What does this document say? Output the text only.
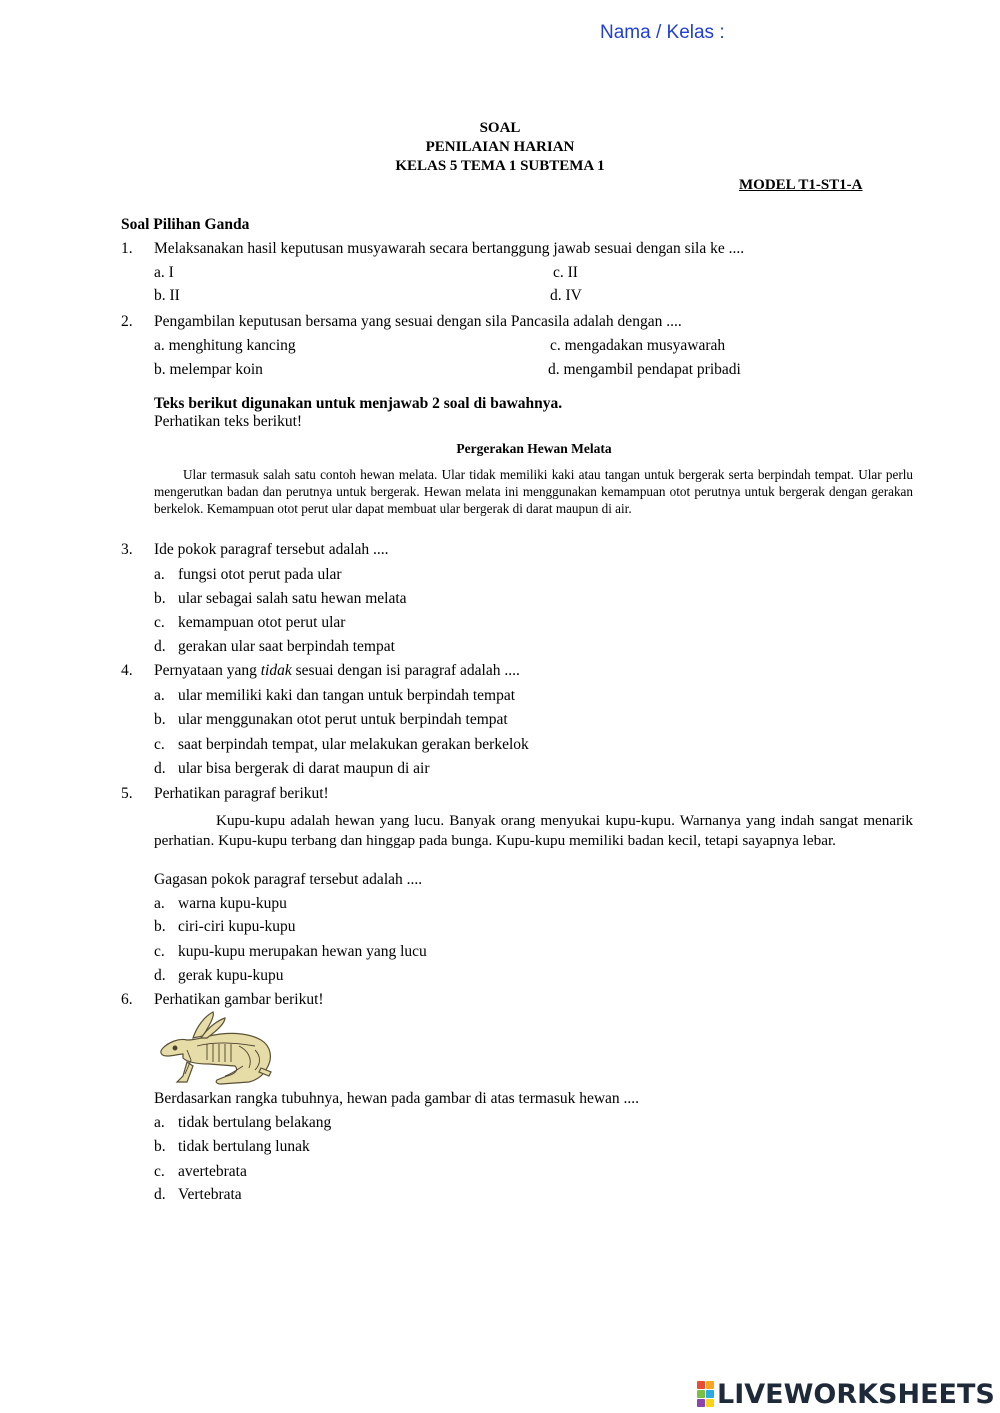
Nama / Kelas :
SOAL
PENILAIAN HARIAN
KELAS 5 TEMA 1 SUBTEMA 1
MODEL T1-ST1-A
Soal Pilihan Ganda
1. Melaksanakan hasil keputusan musyawarah secara bertanggung jawab sesuai dengan sila ke ....
a. I	c. II
b. II	d. IV
2. Pengambilan keputusan bersama yang sesuai dengan sila Pancasila adalah dengan ....
a. menghitung kancing	c. mengadakan musyawarah
b. melempar koin	d. mengambil pendapat pribadi
Teks berikut digunakan untuk menjawab 2 soal di bawahnya.
Perhatikan teks berikut!
Pergerakan Hewan Melata
Ular termasuk salah satu contoh hewan melata. Ular tidak memiliki kaki atau tangan untuk bergerak serta berpindah tempat. Ular perlu mengerutkan badan dan perutnya untuk bergerak. Hewan melata ini menggunakan kemampuan otot perutnya untuk bergerak dengan gerakan berkelok. Kemampuan otot perut ular dapat membuat ular bergerak di darat maupun di air.
3. Ide pokok paragraf tersebut adalah ....
a. fungsi otot perut pada ular
b. ular sebagai salah satu hewan melata
c. kemampuan otot perut ular
d. gerakan ular saat berpindah tempat
4. Pernyataan yang tidak sesuai dengan isi paragraf adalah ....
a. ular memiliki kaki dan tangan untuk berpindah tempat
b. ular menggunakan otot perut untuk berpindah tempat
c. saat berpindah tempat, ular melakukan gerakan berkelok
d. ular bisa bergerak di darat maupun di air
5. Perhatikan paragraf berikut!
Kupu-kupu adalah hewan yang lucu. Banyak orang menyukai kupu-kupu. Warnanya yang indah sangat menarik perhatian. Kupu-kupu terbang dan hinggap pada bunga. Kupu-kupu memiliki badan kecil, tetapi sayapnya lebar.
Gagasan pokok paragraf tersebut adalah ....
a. warna kupu-kupu
b. ciri-ciri kupu-kupu
c. kupu-kupu merupakan hewan yang lucu
d. gerak kupu-kupu
6. Perhatikan gambar berikut!
Berdasarkan rangka tubuhnya, hewan pada gambar di atas termasuk hewan ....
a. tidak bertulang belakang
b. tidak bertulang lunak
c. avertebrata
d. Vertebrata
LIVEWORKSHEETS
